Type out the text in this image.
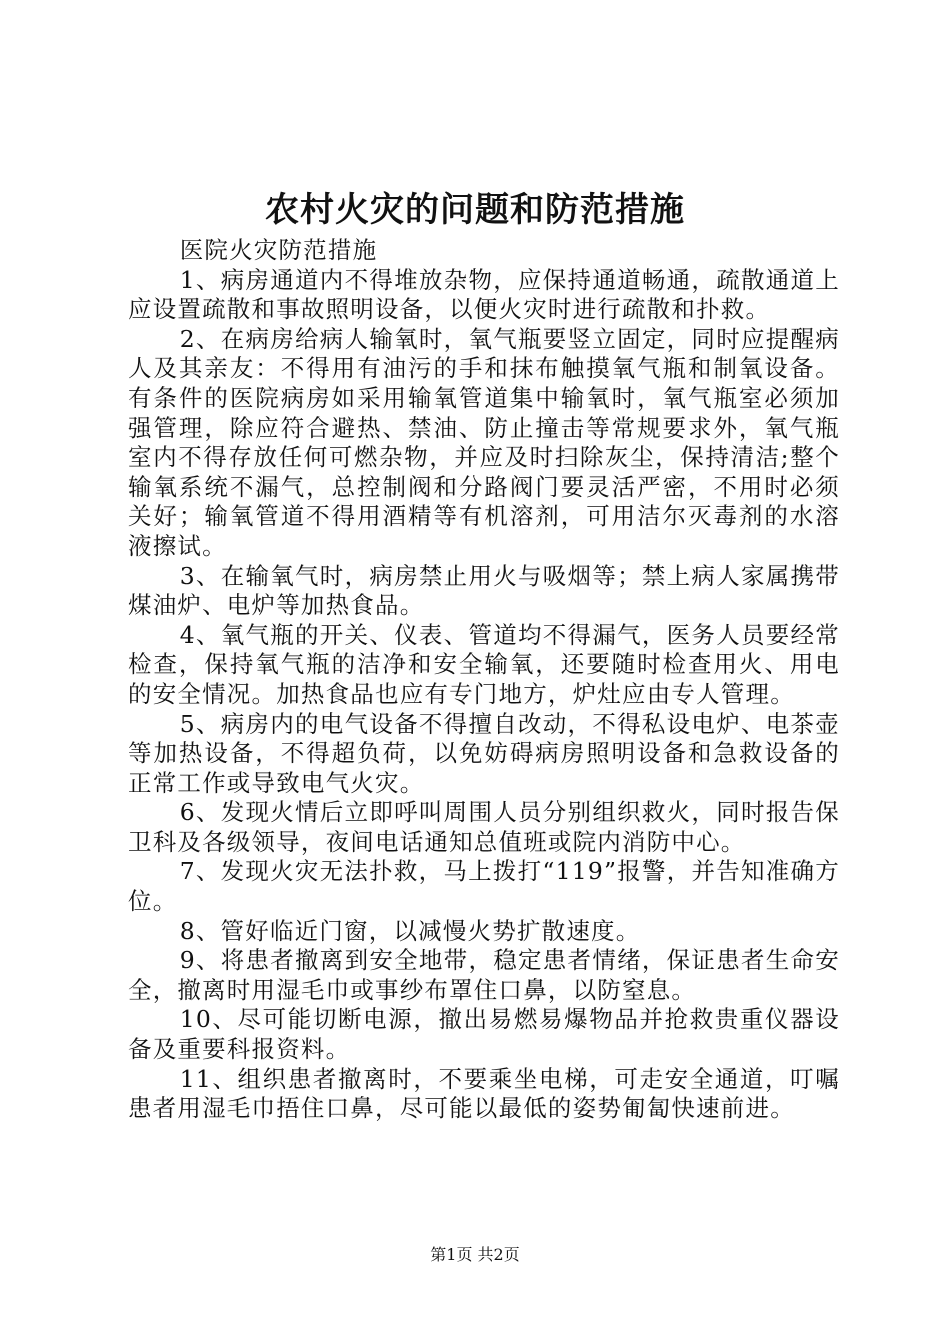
农村火灾的问题和防范措施

医院火灾防范措施

1、病房通道内不得堆放杂物，应保持通道畅通，疏散通道上应设置疏散和事故照明设备，以便火灾时进行疏散和扑救。

2、在病房给病人输氧时，氧气瓶要竖立固定，同时应提醒病人及其亲友：不得用有油污的手和抹布触摸氧气瓶和制氧设备。有条件的医院病房如采用输氧管道集中输氧时，氧气瓶室必须加强管理，除应符合避热、禁油、防止撞击等常规要求外，氧气瓶室内不得存放任何可燃杂物，并应及时扫除灰尘，保持清洁;整个输氧系统不漏气，总控制阀和分路阀门要灵活严密，不用时必须关好；输氧管道不得用酒精等有机溶剂，可用洁尔灭毒剂的水溶液擦试。

3、在输氧气时，病房禁止用火与吸烟等；禁上病人家属携带煤油炉、电炉等加热食品。

4、氧气瓶的开关、仪表、管道均不得漏气，医务人员要经常检查，保持氧气瓶的洁净和安全输氧，还要随时检查用火、用电的安全情况。加热食品也应有专门地方，炉灶应由专人管理。

5、病房内的电气设备不得擅自改动，不得私设电炉、电茶壶等加热设备，不得超负荷，以免妨碍病房照明设备和急救设备的正常工作或导致电气火灾。

6、发现火情后立即呼叫周围人员分别组织救火，同时报告保卫科及各级领导，夜间电话通知总值班或院内消防中心。

7、发现火灾无法扑救，马上拨打“119”报警，并告知准确方位。

8、管好临近门窗，以减慢火势扩散速度。

9、将患者撤离到安全地带，稳定患者情绪，保证患者生命安全，撤离时用湿毛巾或事纱布罩住口鼻，以防窒息。

10、尽可能切断电源，撤出易燃易爆物品并抢救贵重仪器设备及重要科报资料。

11、组织患者撤离时，不要乘坐电梯，可走安全通道，叮嘱患者用湿毛巾捂住口鼻，尽可能以最低的姿势匍匐快速前进。

第1页 共2页
